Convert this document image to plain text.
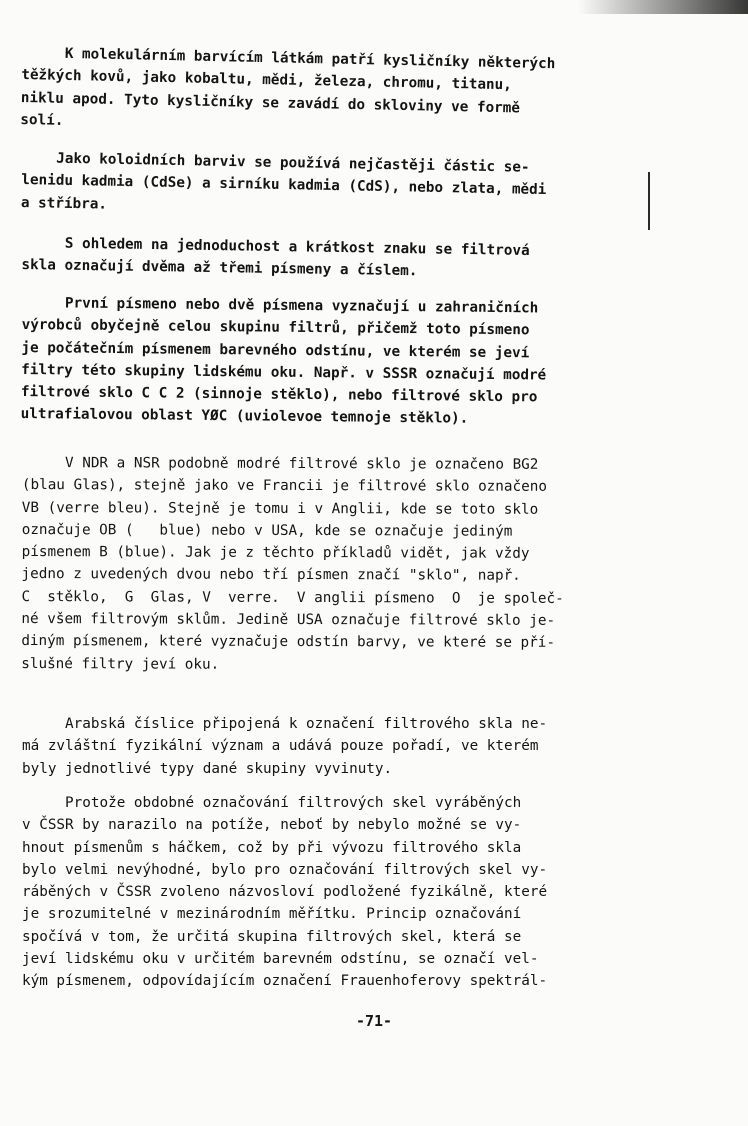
K molekulárním barvícím látkám patří kysličníky některých
těžkých kovů, jako kobaltu, mědi, železa, chromu, titanu,
niklu apod. Tyto kysličníky se zavádí do skloviny ve formě
solí.

Jako koloidních barviv se používá nejčastěji částic se-
lenidu kadmia (CdSe) a sirníku kadmia (CdS), nebo zlata, mědi
a stříbra.

S ohledem na jednoduchost a krátkost znaku se filtrová
skla označují dvěma až třemi písmeny a číslem.

První písmeno nebo dvě písmena vyznačují u zahraničních
výrobců obyčejně celou skupinu filtrů, přičemž toto písmeno
je počátečním písmenem barevného odstínu, ve kterém se jeví
filtry této skupiny lidskému oku. Např. v SSSR označují modré
filtrové sklo C C 2 (sinnoje stěklo), nebo filtrové sklo pro
ultrafialovou oblast YØC (uviolevoe temnoje stěklo).

V NDR a NSR podobně modré filtrové sklo je označeno BG2
(blau Glas), stejně jako ve Francii je filtrové sklo označeno
VB (verre bleu). Stejně je tomu i v Anglii, kde se toto sklo
označuje OB (   blue) nebo v USA, kde se označuje jediným
písmenem B (blue). Jak je z těchto příkladů vidět, jak vždy
jedno z uvedených dvou nebo tří písmen značí "sklo", např.
C  stěklo,  G  Glas, V  verre.  V anglii písmeno  O  je společ-
né všem filtrovým sklům. Jedině USA označuje filtrové sklo je-
diným písmenem, které vyznačuje odstín barvy, ve které se pří-
slušné filtry jeví oku.

Arabská číslice připojená k označení filtrového skla ne-
má zvláštní fyzikální význam a udává pouze pořadí, ve kterém
byly jednotlivé typy dané skupiny vyvinuty.

Protože obdobné označování filtrových skel vyráběných
v ČSSR by narazilo na potíže, neboť by nebylo možné se vy-
hnout písmenům s háčkem, což by při vývozu filtrového skla
bylo velmi nevýhodné, bylo pro označování filtrových skel vy-
ráběných v ČSSR zvoleno názvosloví podložené fyzikálně, které
je srozumitelné v mezinárodním měřítku. Princip označování
spočívá v tom, že určitá skupina filtrových skel, která se
jeví lidskému oku v určitém barevném odstínu, se označí vel-
kým písmenem, odpovídajícím označení Frauenhoferovy spektrál-

-71-
